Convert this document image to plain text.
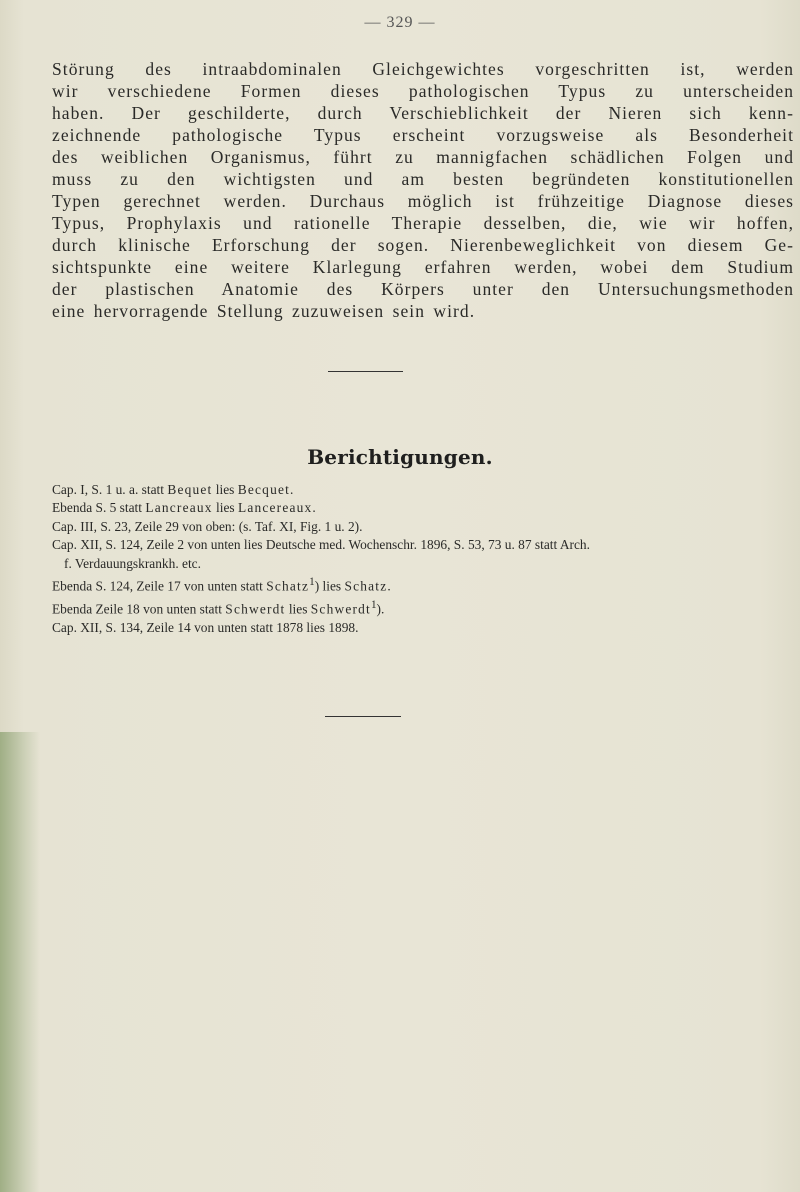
— 329 —

Störung des intraabdominalen Gleichgewichtes vorgeschritten ist, werden
wir verschiedene Formen dieses pathologischen Typus zu unterscheiden
haben. Der geschilderte, durch Verschieblichkeit der Nieren sich kenn-
zeichnende pathologische Typus erscheint vorzugsweise als Besonderheit
des weiblichen Organismus, führt zu mannigfachen schädlichen Folgen und
muss zu den wichtigsten und am besten begründeten konstitutionellen
Typen gerechnet werden. Durchaus möglich ist frühzeitige Diagnose dieses
Typus, Prophylaxis und rationelle Therapie desselben, die, wie wir hoffen,
durch klinische Erforschung der sogen. Nierenbeweglichkeit von diesem Ge-
sichtspunkte eine weitere Klarlegung erfahren werden, wobei dem Studium
der plastischen Anatomie des Körpers unter den Untersuchungsmethoden
eine hervorragende Stellung zuzuweisen sein wird.

Berichtigungen.
Cap. I, S. 1 u. a. statt Bequet lies Becquet.
Ebenda S. 5 statt Lancreaux lies Lancereaux.
Cap. III, S. 23, Zeile 29 von oben: (s. Taf. XI, Fig. 1 u. 2).
Cap. XII, S. 124, Zeile 2 von unten lies Deutsche med. Wochenschr. 1896, S. 53, 73 u. 87 statt Arch.
f. Verdauungskrankh. etc.
Ebenda S. 124, Zeile 17 von unten statt Schatz$^1$) lies Schatz.
Ebenda Zeile 18 von unten statt Schwerdt lies Schwerdt$^1$).
Cap. XII, S. 134, Zeile 14 von unten statt 1878 lies 1898.
